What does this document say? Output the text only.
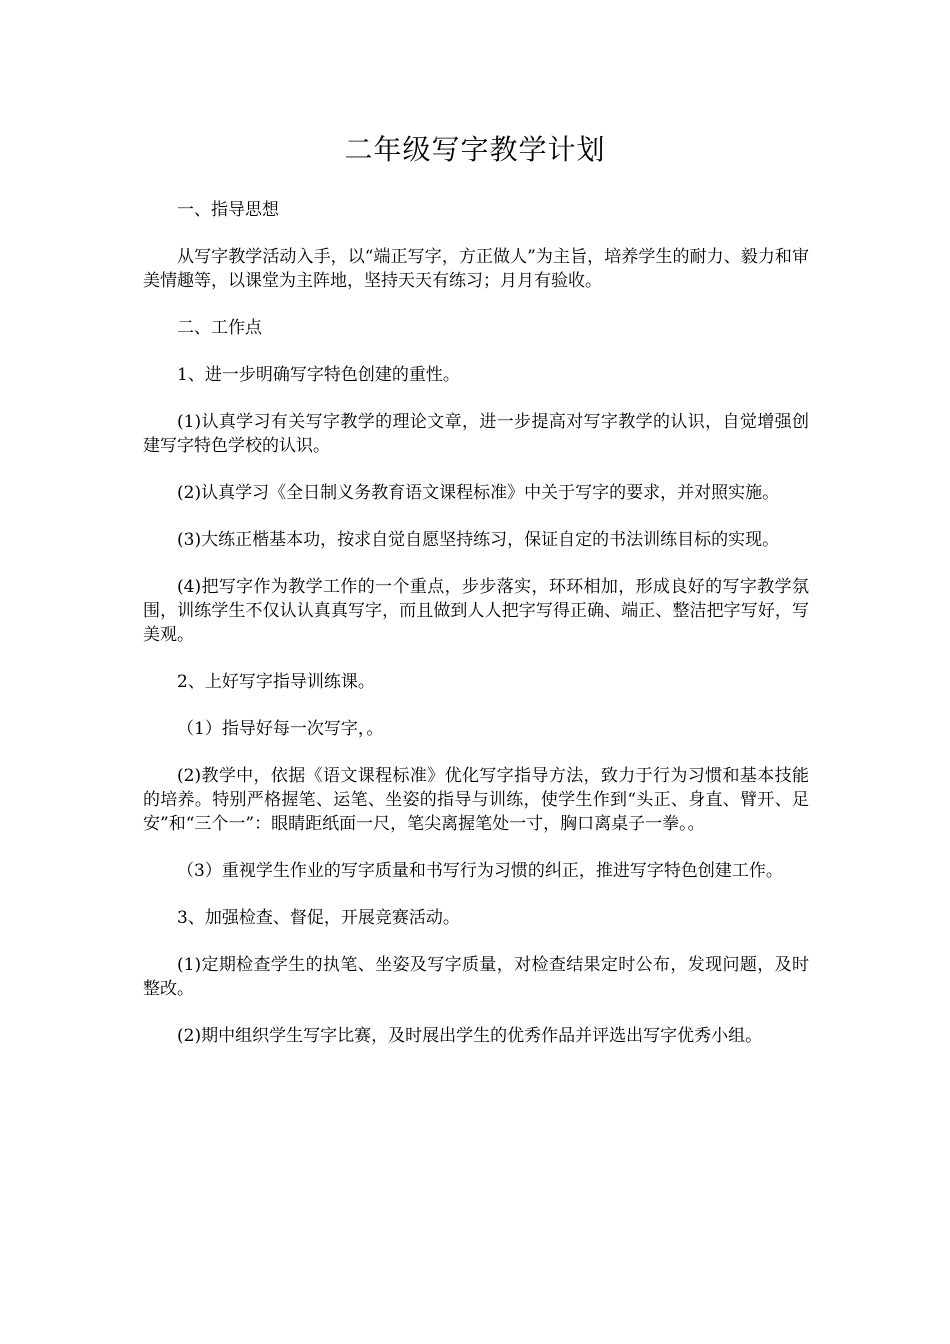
二年级写字教学计划

一、指导思想

从写字教学活动入手，以“端正写字，方正做人”为主旨，培养学生的耐力、毅力和审美情趣等，以课堂为主阵地，坚持天天有练习；月月有验收。

二、工作点

1、进一步明确写字特色创建的重性。

(1)认真学习有关写字教学的理论文章，进一步提高对写字教学的认识，自觉增强创建写字特色学校的认识。

(2)认真学习《全日制义务教育语文课程标准》中关于写字的要求，并对照实施。

(3)大练正楷基本功，按求自觉自愿坚持练习，保证自定的书法训练目标的实现。

(4)把写字作为教学工作的一个重点，步步落实，环环相加，形成良好的写字教学氛围，训练学生不仅认认真真写字，而且做到人人把字写得正确、端正、整洁把字写好，写美观。

2、上好写字指导训练课。

（1）指导好每一次写字，。

(2)教学中，依据《语文课程标准》优化写字指导方法，致力于行为习惯和基本技能的培养。特别严格握笔、运笔、坐姿的指导与训练，使学生作到“头正、身直、臂开、足安”和“三个一”：眼睛距纸面一尺，笔尖离握笔处一寸，胸口离桌子一拳。。

（3）重视学生作业的写字质量和书写行为习惯的纠正，推进写字特色创建工作。

3、加强检查、督促，开展竞赛活动。

(1)定期检查学生的执笔、坐姿及写字质量，对检查结果定时公布，发现问题，及时整改。

(2)期中组织学生写字比赛，及时展出学生的优秀作品并评选出写字优秀小组。
